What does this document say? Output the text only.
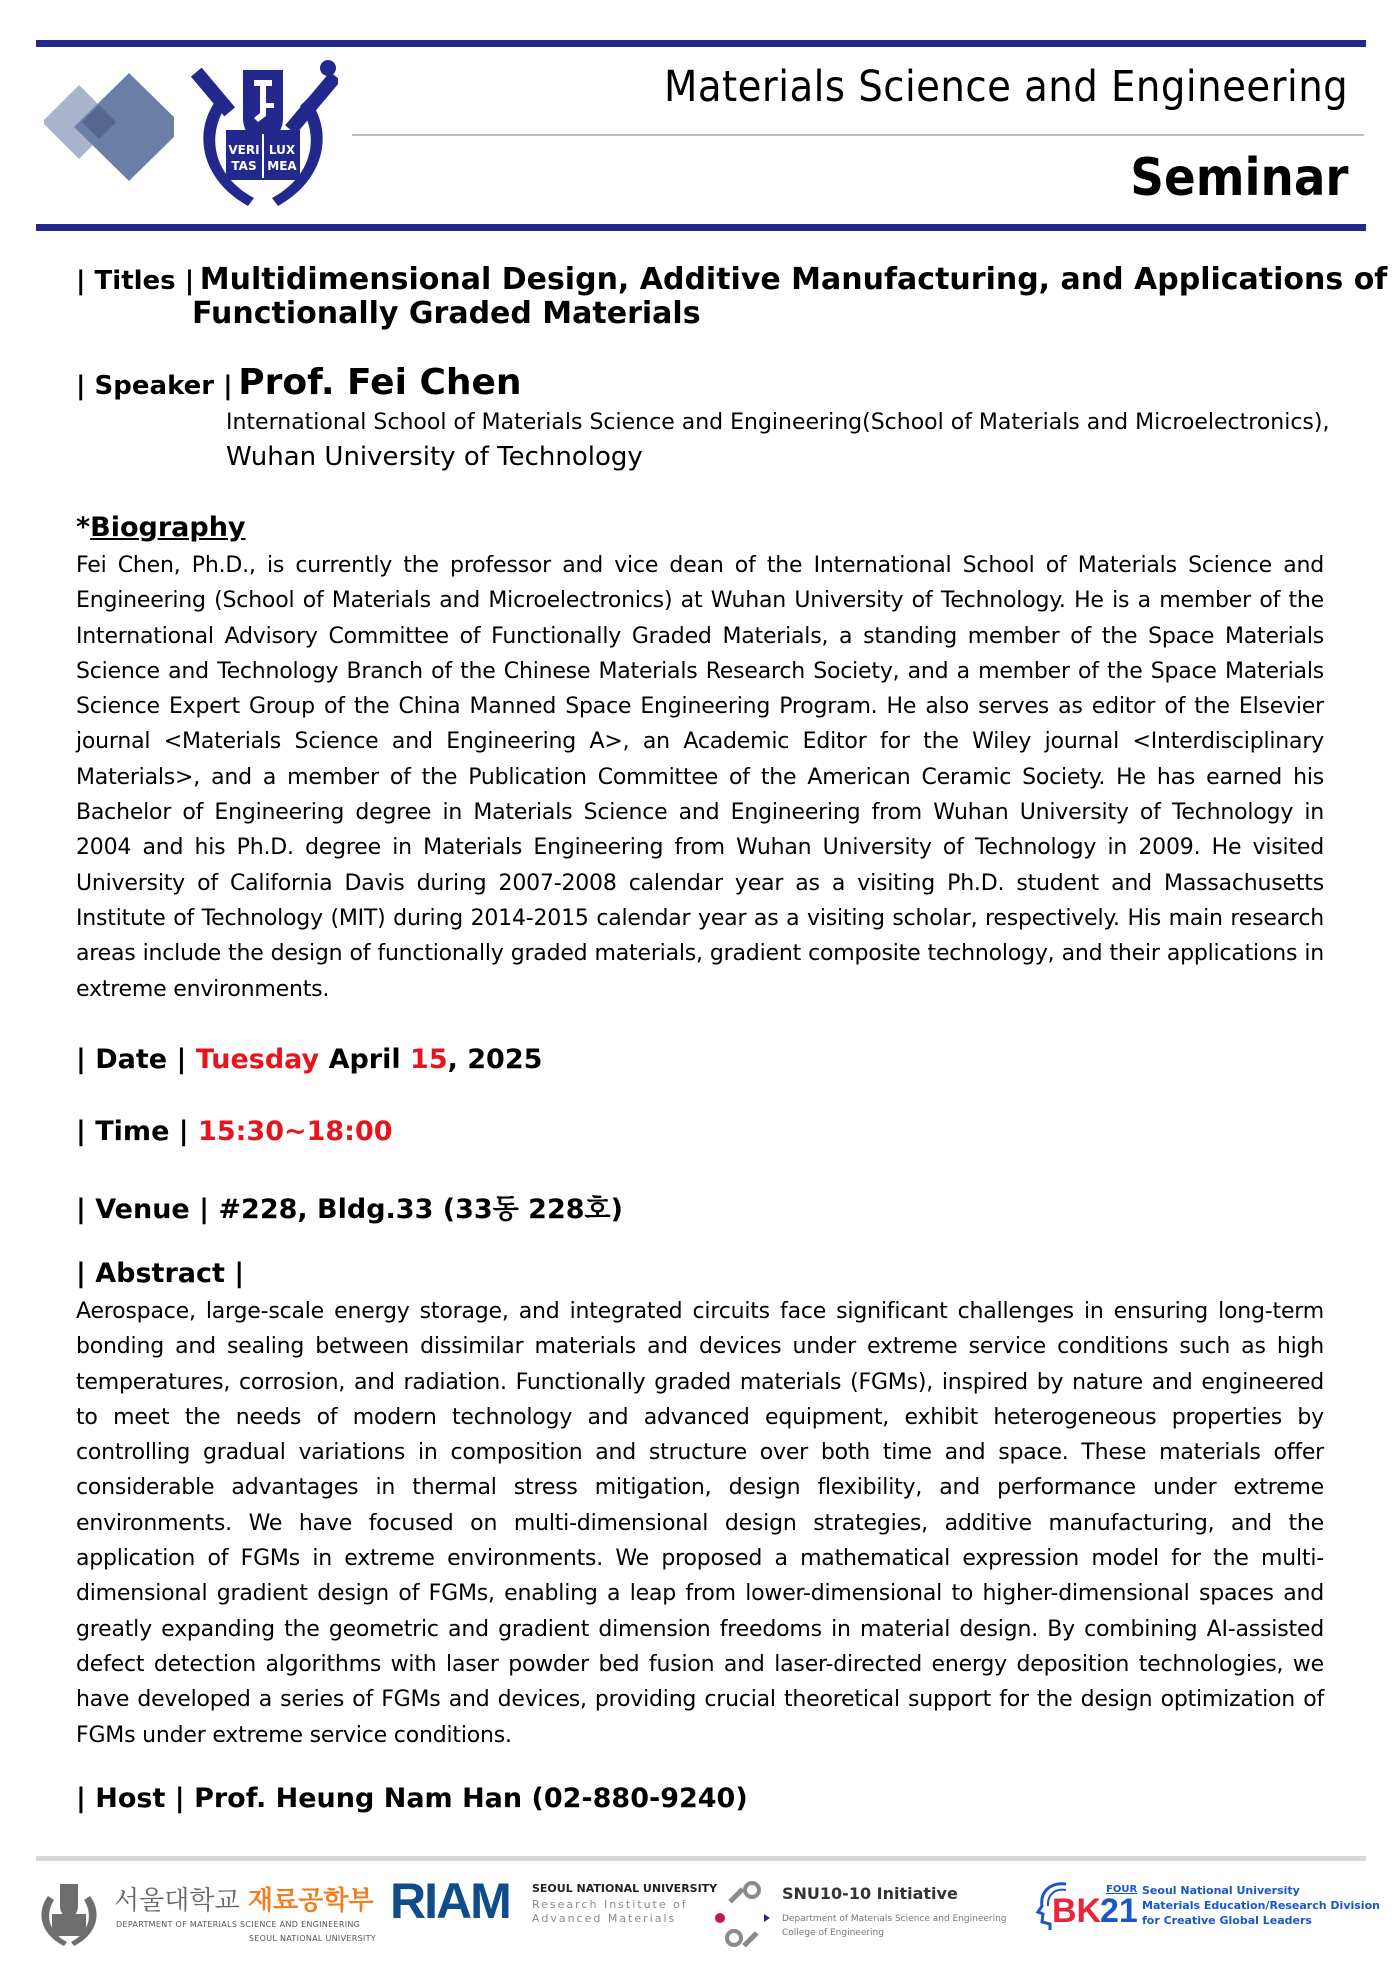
VERI LUX
TAS MEA
Materials Science and Engineering
Seminar
| Titles | Multidimensional Design, Additive Manufacturing, and Applications of
Functionally Graded Materials
| Speaker | Prof. Fei Chen
International School of Materials Science and Engineering(School of Materials and Microelectronics),
Wuhan University of Technology
*Biography
Fei Chen, Ph.D., is currently the professor and vice dean of the International School of Materials Science and Engineering (School of Materials and Microelectronics) at Wuhan University of Technology. He is a member of the International Advisory Committee of Functionally Graded Materials, a standing member of the Space Materials Science and Technology Branch of the Chinese Materials Research Society, and a member of the Space Materials Science Expert Group of the China Manned Space Engineering Program. He also serves as editor of the Elsevier journal <Materials Science and Engineering A>, an Academic Editor for the Wiley journal <Interdisciplinary Materials>, and a member of the Publication Committee of the American Ceramic Society. He has earned his Bachelor of Engineering degree in Materials Science and Engineering from Wuhan University of Technology in 2004 and his Ph.D. degree in Materials Engineering from Wuhan University of Technology in 2009. He visited University of California Davis during 2007-2008 calendar year as a visiting Ph.D. student and Massachusetts Institute of Technology (MIT) during 2014-2015 calendar year as a visiting scholar, respectively. His main research areas include the design of functionally graded materials, gradient composite technology, and their applications in extreme environments.
| Date | Tuesday April 15, 2025
| Time | 15:30~18:00
| Venue | #228, Bldg.33 (33동 228호)
| Abstract |
Aerospace, large-scale energy storage, and integrated circuits face significant challenges in ensuring long-term bonding and sealing between dissimilar materials and devices under extreme service conditions such as high temperatures, corrosion, and radiation. Functionally graded materials (FGMs), inspired by nature and engineered to meet the needs of modern technology and advanced equipment, exhibit heterogeneous properties by controlling gradual variations in composition and structure over both time and space. These materials offer considerable advantages in thermal stress mitigation, design flexibility, and performance under extreme environments. We have focused on multi-dimensional design strategies, additive manufacturing, and the application of FGMs in extreme environments. We proposed a mathematical expression model for the multi-dimensional gradient design of FGMs, enabling a leap from lower-dimensional to higher-dimensional spaces and greatly expanding the geometric and gradient dimension freedoms in material design. By combining AI-assisted defect detection algorithms with laser powder bed fusion and laser-directed energy deposition technologies, we have developed a series of FGMs and devices, providing crucial theoretical support for the design optimization of FGMs under extreme service conditions.
| Host | Prof. Heung Nam Han (02-880-9240)
서울대학교 재료공학부
DEPARTMENT OF MATERIALS SCIENCE AND ENGINEERING
SEOUL NATIONAL UNIVERSITY
RIAM SEOUL NATIONAL UNIVERSITY
Research Institute of
Advanced Materials
SNU10-10 Initiative
Department of Materials Science and Engineering
College of Engineering
BK
21
FOUR Seoul National University
Materials Education/Research Division
for Creative Global Leaders
